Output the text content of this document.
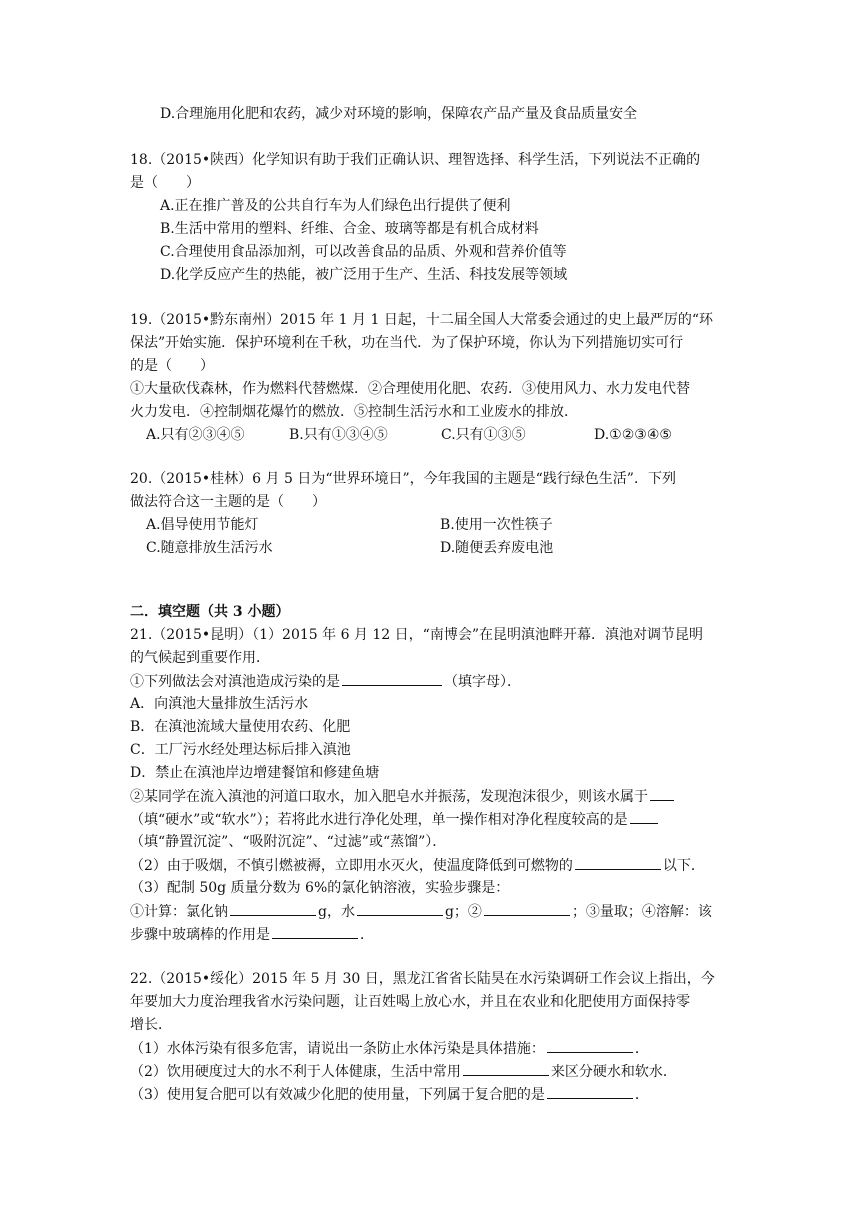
D.合理施用化肥和农药，减少对环境的影响，保障农产品产量及食品质量安全
18.（2015•陕西）化学知识有助于我们正确认识、理智选择、科学生活，下列说法不正确的
是（　　）
A.正在推广普及的公共自行车为人们绿色出行提供了便利
B.生活中常用的塑料、纤维、合金、玻璃等都是有机合成材料
C.合理使用食品添加剂，可以改善食品的品质、外观和营养价值等
D.化学反应产生的热能，被广泛用于生产、生活、科技发展等领域
19.（2015•黔东南州）2015 年 1 月 1 日起，十二届全国人大常委会通过的史上最严厉的“环
保法”开始实施．保护环境利在千秋，功在当代．为了保护环境，你认为下列措施切实可行
的是（　　）
①大量砍伐森林，作为燃料代替燃煤．②合理使用化肥、农药．③使用风力、水力发电代替
火力发电．④控制烟花爆竹的燃放．⑤控制生活污水和工业废水的排放．
A.只有②③④⑤	B.只有①③④⑤	C.只有①③⑤	D.①②③④⑤
20.（2015•桂林）6 月 5 日为“世界环境日”，今年我国的主题是“践行绿色生活”．下列
做法符合这一主题的是（　　）
A.倡导使用节能灯	B.使用一次性筷子
C.随意排放生活污水	D.随便丢弃废电池
二．填空题（共 3 小题）
21.（2015•昆明）（1）2015 年 6 月 12 日，“南博会”在昆明滇池畔开幕．滇池对调节昆明
的气候起到重要作用．
①下列做法会对滇池造成污染的是	（填字母）．
A．向滇池大量排放生活污水
B．在滇池流域大量使用农药、化肥
C．工厂污水经处理达标后排入滇池
D．禁止在滇池岸边增建餐馆和修建鱼塘
②某同学在流入滇池的河道口取水，加入肥皂水并振荡，发现泡沫很少，则该水属于
（填“硬水”或“软水”）；若将此水进行净化处理，单一操作相对净化程度较高的是
（填“静置沉淀”、“吸附沉淀”、“过滤”或“蒸馏”）．
（2）由于吸烟，不慎引燃被褥，立即用水灭火，使温度降低到可燃物的	以下．
（3）配制 50g 质量分数为 6%的氯化钠溶液，实验步骤是：
①计算：氯化钠	g，水	g；②	；③量取；④溶解：该
步骤中玻璃棒的作用是	．
22.（2015•绥化）2015 年 5 月 30 日，黑龙江省省长陆昊在水污染调研工作会议上指出，今
年要加大力度治理我省水污染问题，让百姓喝上放心水，并且在农业和化肥使用方面保持零
增长．
（1）水体污染有很多危害，请说出一条防止水体污染是具体措施：	．
（2）饮用硬度过大的水不利于人体健康，生活中常用	来区分硬水和软水．
（3）使用复合肥可以有效减少化肥的使用量，下列属于复合肥的是	．
